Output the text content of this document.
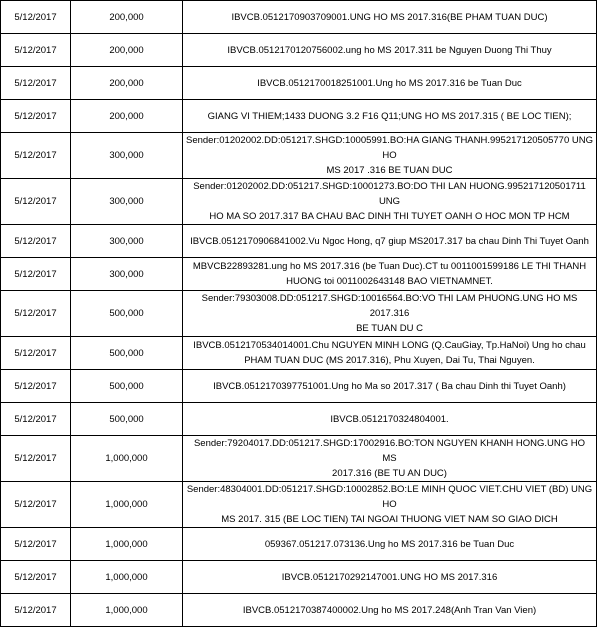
5/12/2017	200,000	IBVCB.0512170903709001.UNG HO MS 2017.316(BE PHAM TUAN DUC)

5/12/2017	200,000	IBVCB.0512170120756002.ung ho MS 2017.311 be Nguyen Duong Thi Thuy

5/12/2017	200,000	IBVCB.0512170018251001.Ung ho MS 2017.316 be Tuan Duc

5/12/2017	200,000	GIANG VI THIEM;1433 DUONG 3.2 F16 Q11;UNG HO MS 2017.315 ( BE LOC TIEN);

5/12/2017	300,000	Sender:01202002.DD:051217.SHGD:10005991.BO:HA GIANG THANH.995217120505770 UNG HO
MS 2017 .316 BE TUAN DUC

5/12/2017	300,000	Sender:01202002.DD:051217.SHGD:10001273.BO:DO THI LAN HUONG.995217120501711 UNG
HO MA SO 2017.317 BA CHAU BAC DINH THI TUYET OANH O HOC MON TP HCM

5/12/2017	300,000	IBVCB.0512170906841002.Vu Ngoc Hong, q7 giup MS2017.317 ba chau Dinh Thi Tuyet Oanh

5/12/2017	300,000	MBVCB22893281.ung ho MS 2017.316 (be Tuan Duc).CT tu 0011001599186 LE THI THANH
HUONG toi 0011002643148 BAO VIETNAMNET.

5/12/2017	500,000	Sender:79303008.DD:051217.SHGD:10016564.BO:VO THI LAM PHUONG.UNG HO MS 2017.316
BE TUAN DU C

5/12/2017	500,000	IBVCB.0512170534014001.Chu NGUYEN MINH LONG (Q.CauGiay, Tp.HaNoi) Ung ho chau
PHAM TUAN DUC (MS 2017.316), Phu Xuyen, Dai Tu, Thai Nguyen.

5/12/2017	500,000	IBVCB.0512170397751001.Ung ho Ma so 2017.317 ( Ba chau Dinh thi Tuyet Oanh)

5/12/2017	500,000	IBVCB.0512170324804001.

5/12/2017	1,000,000	Sender:79204017.DD:051217.SHGD:17002916.BO:TON NGUYEN KHANH HONG.UNG HO MS
2017.316 (BE TU AN DUC)

5/12/2017	1,000,000	Sender:48304001.DD:051217.SHGD:10002852.BO:LE MINH QUOC VIET.CHU VIET (BD) UNG HO
MS 2017. 315 (BE LOC TIEN) TAI NGOAI THUONG VIET NAM SO GIAO DICH

5/12/2017	1,000,000	059367.051217.073136.Ung ho MS 2017.316 be Tuan Duc

5/12/2017	1,000,000	IBVCB.0512170292147001.UNG HO MS 2017.316

5/12/2017	1,000,000	IBVCB.0512170387400002.Ung ho MS 2017.248(Anh Tran Van Vien)
